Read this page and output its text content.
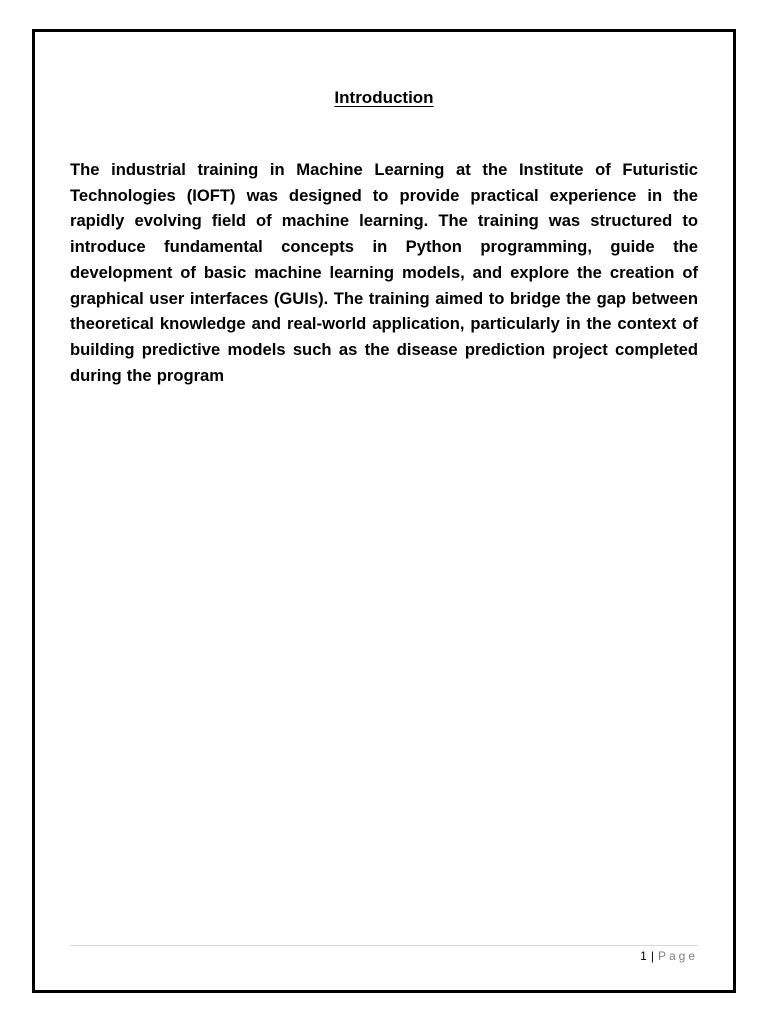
Introduction

The industrial training in Machine Learning at the Institute of Futuristic Technologies (IOFT) was designed to provide practical experience in the rapidly evolving field of machine learning. The training was structured to introduce fundamental concepts in Python programming, guide the development of basic machine learning models, and explore the creation of graphical user interfaces (GUIs). The training aimed to bridge the gap between theoretical knowledge and real-world application, particularly in the context of building predictive models such as the disease prediction project completed during the program

1 | Page
